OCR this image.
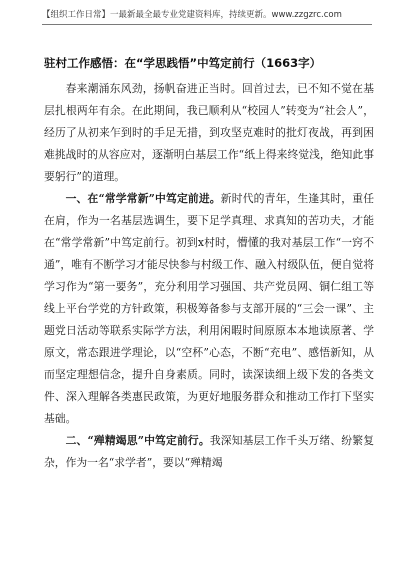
【组织工作日常】一最新最全最专业党建资料库，持续更新。www.zzgzrc.com
驻村工作感悟：在“学思践悟”中笃定前行（1663字）

春来潮涌东风劲，扬帆奋进正当时。回首过去，已不知不觉在基层扎根两年有余。在此期间，我已顺利从“校园人”转变为“社会人”，经历了从初来乍到时的手足无措，到攻坚克难时的批灯夜战，再到困难挑战时的从容应对，逐渐明白基层工作“纸上得来终觉浅，绝知此事要躬行”的道理。

一、在“常学常新”中笃定前进。新时代的青年，生逢其时，重任在肩，作为一名基层选调生，要下足学真理、求真知的苦功夫，才能在“常学常新”中笃定前行。初到x村时，懵懂的我对基层工作“一窍不通”，唯有不断学习才能尽快参与村级工作、融入村级队伍，便自觉将学习作为“第一要务”，充分利用学习强国、共产党员网、铜仁组工等线上平台学党的方针政策，积极筹备参与支部开展的“三会一课”、主题党日活动等联系实际学方法，利用闲暇时间原原本本地读原著、学原文，常态跟进学理论，以“空杯”心态，不断“充电”、感悟新知，从而坚定理想信念，提升自身素质。同时，读深读细上级下发的各类文件、深入理解各类惠民政策，为更好地服务群众和推动工作打下坚实基础。

二、“殚精竭思”中笃定前行。我深知基层工作千头万绪、纷繁复杂，作为一名“求学者”，要以“殚精竭
